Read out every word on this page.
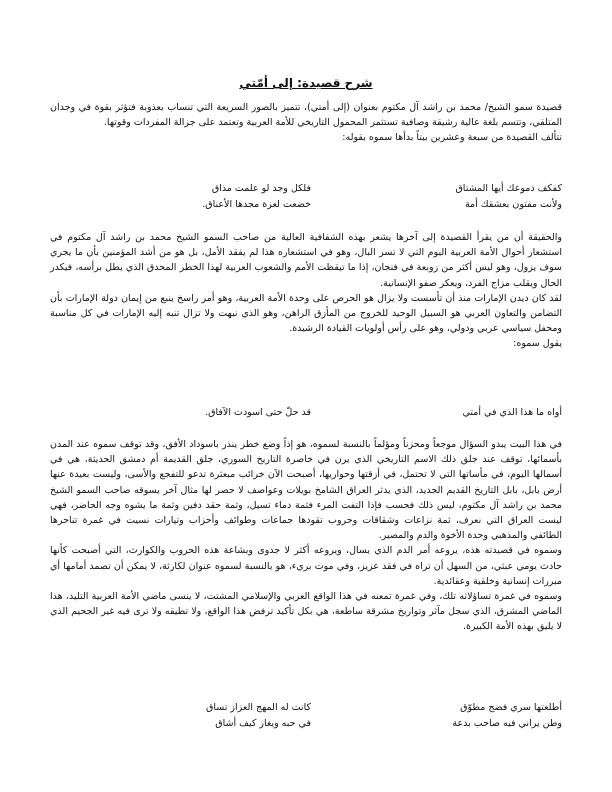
شرح قصيدة: إلى أمّتي

قصيدة سمو الشيخ/ محمد بن راشد آل مكتوم بعنوان (إلى أمتي)، تتميز بالصور السريعة التي تنساب بعذوبة فتؤثر بقوة في وجدان المتلقي، وتتسم بلغة عالية رشيقة وصافية تستثمر المحمول التاريخي للأمة العربية وتعتمد على جزالة المفردات وقوتها.

تتألف القصيدة من سبعة وعشرين بيتاً بدأها سموه بقوله:

كفكف دموعك أيها المشتاق
فلكل وجد لو علمت مذاق
ولأنت مفتون بعشقك أمة
خضعت لعزة مجدها الأعناق.

والحقيقة أن من يقرأ القصيدة إلى آخرها يشعر بهذه الشفافية العالية من صاحب السمو الشيخ محمد بن راشد آل مكتوم في استشعار أحوال الأمة العربية اليوم التي لا تسر البال، وهو في استشعاره هذا لم يفقد الأمل، بل هو من أشد المؤمنين بأن ما يجري سوف يزول، وهو ليس أكثر من زوبعة في فنجان، إذا ما تيقظت الأمم والشعوب العربية لهذا الخطر المحدق الذي يطل برأسه، فيكدر الحال ويقلب مزاج الفرد، ويعكر صفو الإنسانية.

لقد كان ديدن الإمارات منذ أن تأسست ولا يزال هو الحرص على وحدة الأمة العربية، وهو أمر راسخ ينبع من إيمان دولة الإمارات بأن التضامن والتعاون العربي هو السبيل الوحيد للخروج من المأزق الراهن، وهو الذي نبهت ولا تزال تنبه إليه الإمارات في كل مناسبة ومحفل سياسي عربي ودولي، وهو على رأس أولويات القيادة الرشيدة.

يقول سموه:

أواه ما هذا الذي في أمتي
قد حلّ حتى اسودت الآفاق.

في هذا البيت يبدو السؤال موجعاً ومحزناً ومؤلماً بالنسبة لسموه، هو إذاً وضع خطر ينذر باسوداد الأفق، وقد توقف سموه عند المدن بأسمائها، توقف عند جلق ذلك الاسم التاريخي الذي يرن في خاصرة التاريخ السوري، جلق القديمة أم دمشق الحديثة، هي في أسمالها اليوم، في مأساتها التي لا تحتمل، في أزقتها وحواريها، أصبحت الآن خرائب مبعثرة تدعو للتفجع والأسى، وليست بعيدة عنها أرض بابل، بابل التاريخ القديم الجديد، الذي يدثر العراق الشامخ بويلات وعواصف لا حصر لها مثال آخر يسوقه صاحب السمو الشيخ محمد بن راشد آل مكتوم، ليس ذلك فحسب فإذا التفت المرء فثمة دماء تسيل، وثمة حقد دفين وثمة ما يشوه وجه الحاضر، فهي ليست العراق التي نعرف، ثمة نزاعات وشقاقات وحروب تقودها جماعات وطوائف وأحزاب وتيارات نسيت في غمرة تناحرها الطائفي والمذهبي وحدة الأخوة والدم والمصير.

وسموه في قصيدته هذه، يروعه أمر الدم الذي يسال، ويروعه أكثر لا جدوى وبشاعة هذه الحروب والكوارث، التي أصبحت كأنها حادث يومي عبثي، من السهل أن تراه في فقد عزيز، وفي موت بريء، هو بالنسبة لسموه عنوان لكارثة، لا يمكن أن تصمد أمامها أي مبررات إنسانية وخلقية وعقائدية.

وسموه في غمرة تساؤلاته تلك، وفي غمرة تمعنه في هذا الواقع العربي والإسلامي المشتت، لا ينسى ماضي الأمة العربية التليد، هذا الماضي المشرق، الذي سجل مآثر وتواريخ مشرقة ساطعة، هي بكل تأكيد ترفض هذا الواقع، ولا تطيقه ولا ترى فيه غير الجحيم الذي لا يليق بهذه الأمة الكبيرة.

أطلعتها سري فضج مطوّق
كانت له المهج العزاز تساق
وطن يراني فيه صاحب بدعة
في حبه ويغار كيف أشاق
